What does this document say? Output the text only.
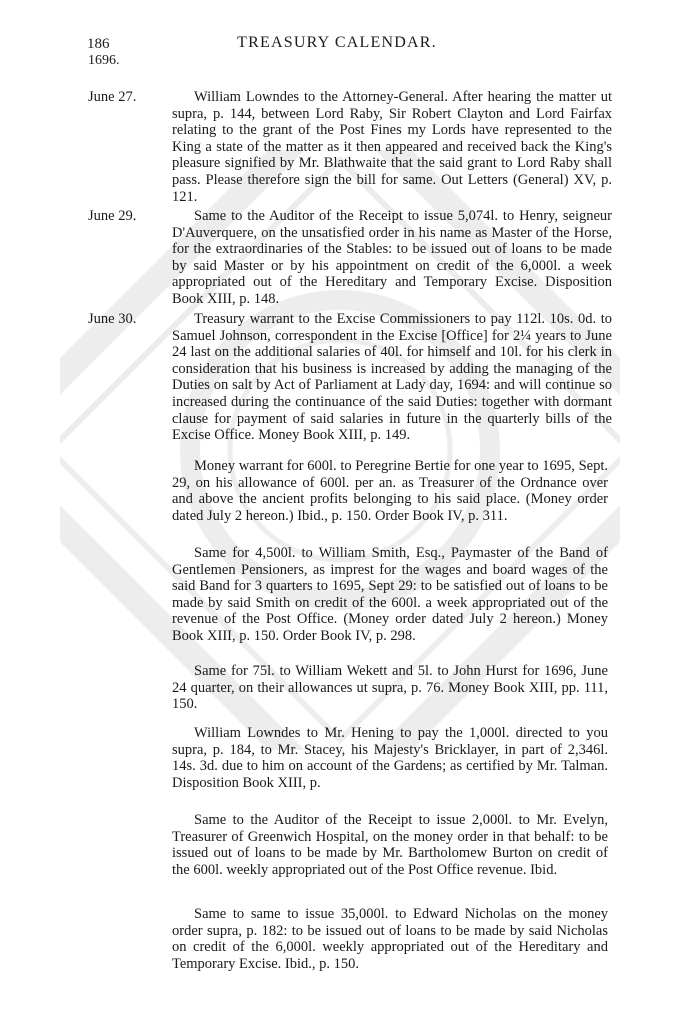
186	TREASURY CALENDAR.
1696.
June 27.	William Lowndes to the Attorney-General. After hearing the matter ut supra, p. 144, between Lord Raby, Sir Robert Clayton and Lord Fairfax relating to the grant of the Post Fines my Lords have represented to the King a state of the matter as it then appeared and received back the King's pleasure signified by Mr. Blathwaite that the said grant to Lord Raby shall pass. Please therefore sign the bill for same. Out Letters (General) XV, p. 121.

June 29.	Same to the Auditor of the Receipt to issue 5,074l. to Henry, seigneur D'Auverquere, on the unsatisfied order in his name as Master of the Horse, for the extraordinaries of the Stables: to be issued out of loans to be made by said Master or by his appointment on credit of the 6,000l. a week appropriated out of the Hereditary and Temporary Excise. Disposition Book XIII, p. 148.

June 30.	Treasury warrant to the Excise Commissioners to pay 112l. 10s. 0d. to Samuel Johnson, correspondent in the Excise [Office] for 2¼ years to June 24 last on the additional salaries of 40l. for himself and 10l. for his clerk in consideration that his business is increased by adding the managing of the Duties on salt by Act of Parliament at Lady day, 1694: and will continue so increased during the continuance of the said Duties: together with dormant clause for payment of said salaries in future in the quarterly bills of the Excise Office. Money Book XIII, p. 149.

Money warrant for 600l. to Peregrine Bertie for one year to 1695, Sept. 29, on his allowance of 600l. per an. as Treasurer of the Ordnance over and above the ancient profits belonging to his said place. (Money order dated July 2 hereon.) Ibid., p. 150. Order Book IV, p. 311.

Same for 4,500l. to William Smith, Esq., Paymaster of the Band of Gentlemen Pensioners, as imprest for the wages and board wages of the said Band for 3 quarters to 1695, Sept 29: to be satisfied out of loans to be made by said Smith on credit of the 600l. a week appropriated out of the revenue of the Post Office. (Money order dated July 2 hereon.) Money Book XIII, p. 150. Order Book IV, p. 298.

Same for 75l. to William Wekett and 5l. to John Hurst for 1696, June 24 quarter, on their allowances ut supra, p. 76. Money Book XIII, pp. 111, 150.

William Lowndes to Mr. Hening to pay the 1,000l. directed to you supra, p. 184, to Mr. Stacey, his Majesty's Bricklayer, in part of 2,346l. 14s. 3d. due to him on account of the Gardens; as certified by Mr. Talman. Disposition Book XIII, p.

Same to the Auditor of the Receipt to issue 2,000l. to Mr. Evelyn, Treasurer of Greenwich Hospital, on the money order in that behalf: to be issued out of loans to be made by Mr. Bartholomew Burton on credit of the 600l. weekly appropriated out of the Post Office revenue. Ibid.

Same to same to issue 35,000l. to Edward Nicholas on the money order supra, p. 182: to be issued out of loans to be made by said Nicholas on credit of the 6,000l. weekly appropriated out of the Hereditary and Temporary Excise. Ibid., p. 150.
